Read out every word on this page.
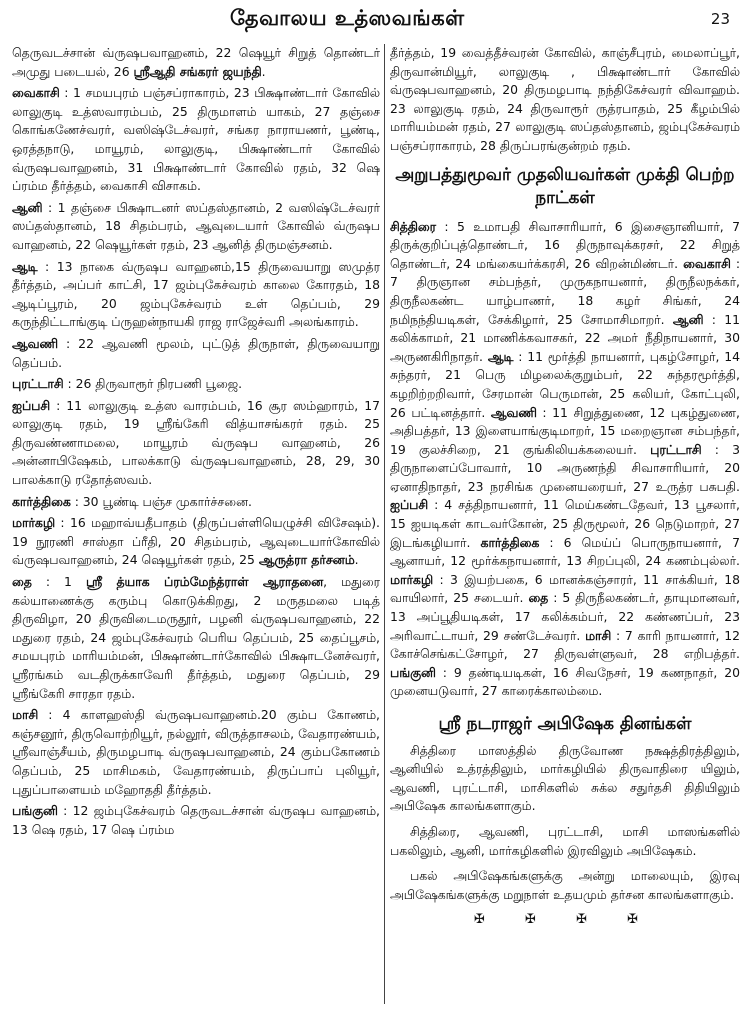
தேவாலய உத்ஸவங்கள்	23

தெருவடச்சான் வ்ருஷபவாஹனம், 22 ஷெயூர் சிறுத் தொண்டர் அமுது படையல், 26 ஸ்ரீஆதி சங்கரர் ஜயந்தி.

வைகாசி : 1 சமயபுரம் பஞ்சப்ராகாரம், 23 பிக்ஷாண்டார் கோவில் லாலுகுடி உத்ஸவாரம்பம், 25 திருமாளம் யாகம், 27 தஞ்சை கொங்கணேச்வரர், வஸிஷ்டேச்வரர், சங்கர நாராயணர், பூண்டி, ஒரத்தநாடு, மாயூரம், லாலுகுடி, பிக்ஷாண்டார் கோவில் வ்ருஷபவாஹனம், 31 பிக்ஷாண்டார் கோவில் ரதம், 32 ஷெ ப்ரம்ம தீர்த்தம், வைகாசி விசாகம்.

ஆனி : 1 தஞ்சை பிக்ஷாடனர் ஸப்தஸ்தானம், 2 வஸிஷ்டேச்வரர் ஸப்தஸ்தானம், 18 சிதம்பரம், ஆவுடையார் கோவில் வ்ருஷப வாஹனம், 22 ஷெயூர்கள் ரதம், 23 ஆனித் திருமஞ்சனம்.

ஆடி : 13 நாகை வ்ருஷப வாஹனம்,15 திருவையாறு ஸமுத்ர தீர்த்தம், அப்பர் காட்சி, 17 ஜம்புகேச்வரம் காலை கோரதம், 18 ஆடிப்பூரம், 20 ஜம்புகேச்வரம் உள் தெப்பம், 29 கருந்திட்டாங்குடி ப்ருஹன்நாயகி ராஜ ராஜேச்வரி அலங்காரம்.

ஆவணி : 22 ஆவணி மூலம், புட்டுத் திருநாள், திருவையாறு தெப்பம்.

புரட்டாசி : 26 திருவாரூர் நிரபணி பூஜை.

ஐப்பசி : 11 லாலுகுடி உத்ஸ வாரம்பம், 16 சூர ஸம்ஹாரம், 17 லாலுகுடி ரதம், 19 ஸ்ரீங்கேரி வித்யாசங்கரர் ரதம். 25 திருவண்ணாமலை, மாயூரம் வ்ருஷப வாஹனம், 26 அன்னாபிஷேகம், பாலக்காடு வ்ருஷபவாஹனம், 28, 29, 30 பாலக்காடு ரதோத்ஸவம்.

கார்த்திகை : 30 பூண்டி பஞ்ச முகார்ச்சனை.

மார்கழி : 16 மஹாவ்யதீபாதம் (திருப்பள்ளியெழுச்சி விசேஷம்). 19 நூரணி சாஸ்தா ப்ரீதி, 20 சிதம்பரம், ஆவுடையார்கோவில் வ்ருஷபவாஹனம், 24 ஷெயூர்கள் ரதம், 25 ஆருத்ரா தர்சனம்.

தை : 1 ஸ்ரீ த்யாக ப்ரம்மேந்த்ராள் ஆராதனை, மதுரை கல்யாணைக்கு கரும்பு கொடுக்கிறது, 2 மருதமலை படித் திருவிழா, 20 திருவிடைமருதூர், பழனி வ்ருஷபவாஹனம், 22 மதுரை ரதம், 24 ஜம்புகேச்வரம் பெரிய தெப்பம், 25 தைப்பூசம், சமயபுரம் மாரியம்மன், பிக்ஷாண்டார்கோவில் பிக்ஷாடனேச்வரர், ஸ்ரீரங்கம் வடதிருக்காவேரி தீர்த்தம், மதுரை தெப்பம், 29 ஸ்ரீங்கேரி சாரதா ரதம்.

மாசி : 4 காளஹஸ்தி வ்ருஷபவாஹனம்.20 கும்ப கோணம், கஞ்சனூர், திருவொற்றியூர், நல்லூர், விருத்தாசலம், வேதாரண்யம், ஸ்ரீவாஞ்சீயம், திருமழபாடி வ்ருஷபவாஹனம், 24 கும்பகோணம் தெப்பம், 25 மாசிமகம், வேதாரண்யம், திருப்பாப் புலியூர், புதுப்பாளையம் மஹோததி தீர்த்தம்.

பங்குனி : 12 ஜம்புகேச்வரம் தெருவடச்சான் வ்ருஷப வாஹனம், 13 ஷெ ரதம், 17 ஷெ ப்ரம்ம

தீர்த்தம், 19 வைத்தீச்வரன் கோவில், காஞ்சீபுரம், மைலாப்பூர், திருவான்மியூர், லாலுகுடி , பிக்ஷாண்டார் கோவில் வ்ருஷபவாஹனம், 20 திருமழபாடி நந்திகேச்வரர் விவாஹம். 23 லாலுகுடி ரதம், 24 திருவாரூர் ருத்ரபாதம், 25 கீழம்பில் மாரியம்மன் ரதம், 27 லாலுகுடி ஸப்தஸ்தானம், ஜம்புகேச்வரம் பஞ்சப்ராகாரம், 28 திருப்பரங்குன்றம் ரதம்.

அறுபத்துமூவர் முதலியவர்கள் முக்தி பெற்ற நாட்கள்

சித்திரை : 5 உமாபதி சிவாசாரியார், 6 இசைஞானியார், 7 திருக்குறிப்புத்தொண்டர், 16 திருநாவுக்கரசர், 22 சிறுத் தொண்டர், 24 மங்கையர்க்கரசி, 26 விறன்மிண்டர். வைகாசி : 7 திருஞான சம்பந்தர், முருகநாயனார், திருநீலநக்கர், திருநீலகண்ட யாழ்பாணர், 18 கழர் சிங்கர், 24 நமிநந்தியடிகள், சேக்கிழார், 25 சோமாசிமாறர். ஆனி : 11 கலிக்காமர், 21 மாணிக்கவாசகர், 22 அமர் நீதிநாயனார், 30 அருணகிரிநாதர். ஆடி : 11 மூர்த்தி நாயனார், புகழ்சோழர், 14 சுந்தரர், 21 பெரு மிழலைக்குறும்பர், 22 சுந்தரமூர்த்தி, கழறிற்றறிவார், சேரமான் பெருமான், 25 கலியர், கோட்புலி, 26 பட்டினத்தார். ஆவணி : 11 சிறுத்துணை, 12 புகழ்துணை, அதிபத்தர், 13 இளையாங்குடிமாறர், 15 மறைஞான சம்பந்தர், 19 குலச்சிறை, 21 குங்கிலியக்கலையர். புரட்டாசி : 3 திருநாளைப்போவார், 10 அருணந்தி சிவாசாரியார், 20 ஏனாதிநாதர், 23 நரசிங்க முனையரையர், 27 உருத்ர பசுபதி. ஐப்பசி : 4 சத்திநாயனார், 11 மெய்கண்டதேவர், 13 பூசலார், 15 ஐயடிகள் காடவர்கோன், 25 திருமூலர், 26 நெடுமாறர், 27 இடங்கழியார். கார்த்திகை : 6 மெய்ப் பொருநாயனார், 7 ஆனாயர், 12 மூர்க்கநாயனார், 13 சிறப்புலி, 24 கணம்புல்லர். மார்கழி : 3 இயற்பகை, 6 மானக்கஞ்சாரர், 11 சாக்கியர், 18 வாயிலார், 25 சடையர். தை : 5 திருநீலகண்டர், தாயுமானவர், 13 அப்பூதியடிகள், 17 கலிக்கம்பர், 22 கண்ணப்பர், 23 அரிவாட்டாயர், 29 சண்டேச்வரர். மாசி : 7 காரி நாயனார், 12 கோச்செங்கட்சோழர், 27 திருவள்ளுவர், 28 எறிபத்தர். பங்குனி : 9 தண்டியடிகள், 16 சிவநேசர், 19 கணநாதர், 20 முனையடுவார், 27 காரைக்காலம்மை.

ஸ்ரீ நடராஜர் அபிஷேக தினங்கள்

சித்திரை மாஸத்தில் திருவோண நக்ஷத்திரத்திலும், ஆனியில் உத்ரத்திலும், மார்கழியில் திருவாதிரை யிலும், ஆவணி, புரட்டாசி, மாசிகளில் சுக்ல சதுர்தசி திதியிலும் அபிஷேக காலங்களாகும்.

சித்திரை, ஆவணி, புரட்டாசி, மாசி மாஸங்களில் பகலிலும், ஆனி, மார்கழிகளில் இரவிலும் அபிஷேகம்.

பகல் அபிஷேகங்களுக்கு அன்று மாலையும், இரவு அபிஷேகங்களுக்கு மறுநாள் உதயமும் தர்சன காலங்களாகும்.

✠ ✠ ✠ ✠
